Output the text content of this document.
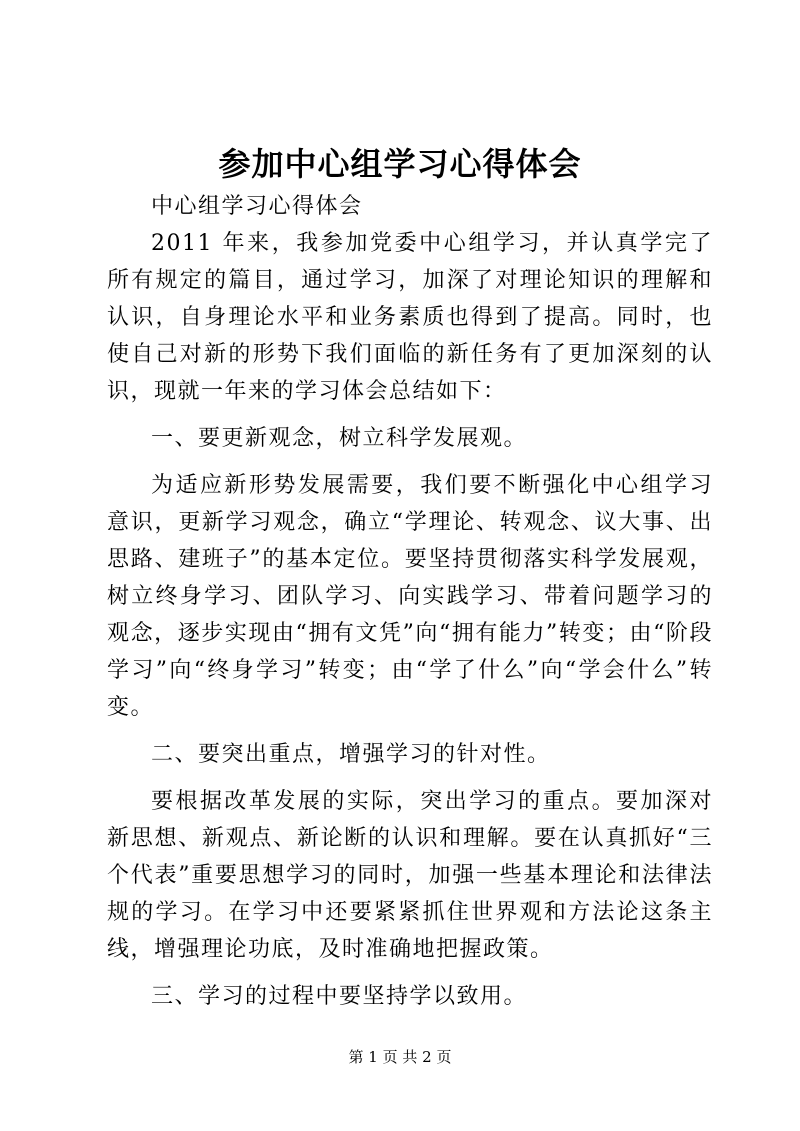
参加中心组学习心得体会

中心组学习心得体会

2011 年来，我参加党委中心组学习，并认真学完了所有规定的篇目，通过学习，加深了对理论知识的理解和认识，自身理论水平和业务素质也得到了提高。同时，也使自己对新的形势下我们面临的新任务有了更加深刻的认识，现就一年来的学习体会总结如下：

一、要更新观念，树立科学发展观。

为适应新形势发展需要，我们要不断强化中心组学习意识，更新学习观念，确立“学理论、转观念、议大事、出思路、建班子”的基本定位。要坚持贯彻落实科学发展观，树立终身学习、团队学习、向实践学习、带着问题学习的观念，逐步实现由“拥有文凭”向“拥有能力”转变；由“阶段学习”向“终身学习”转变；由“学了什么”向“学会什么”转变。

二、要突出重点，增强学习的针对性。

要根据改革发展的实际，突出学习的重点。要加深对新思想、新观点、新论断的认识和理解。要在认真抓好“三个代表”重要思想学习的同时，加强一些基本理论和法律法规的学习。在学习中还要紧紧抓住世界观和方法论这条主线，增强理论功底，及时准确地把握政策。

三、学习的过程中要坚持学以致用。

第 1 页 共 2 页
